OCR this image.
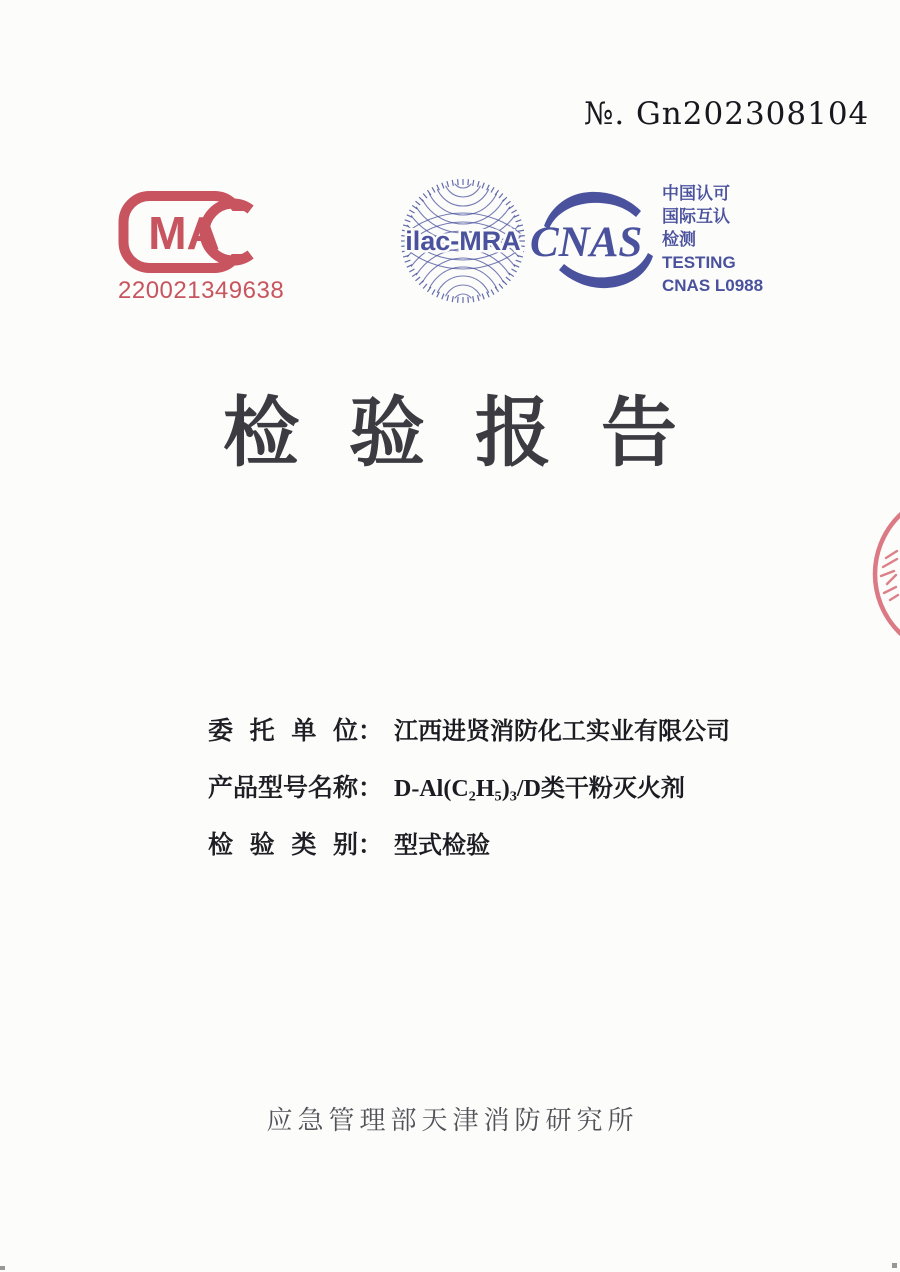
№. Gn202308104
MA
220021349638
ilac-MRA CNAS
中国认可
国际互认
检测
TESTING
CNAS L0988
检验报告
委托单位 ： 江西进贤消防化工实业有限公司
产品型号名称 ： D-Al(C₂H₅)₃/D类干粉灭火剂
检验类别 ： 型式检验
应急管理部天津消防研究所
